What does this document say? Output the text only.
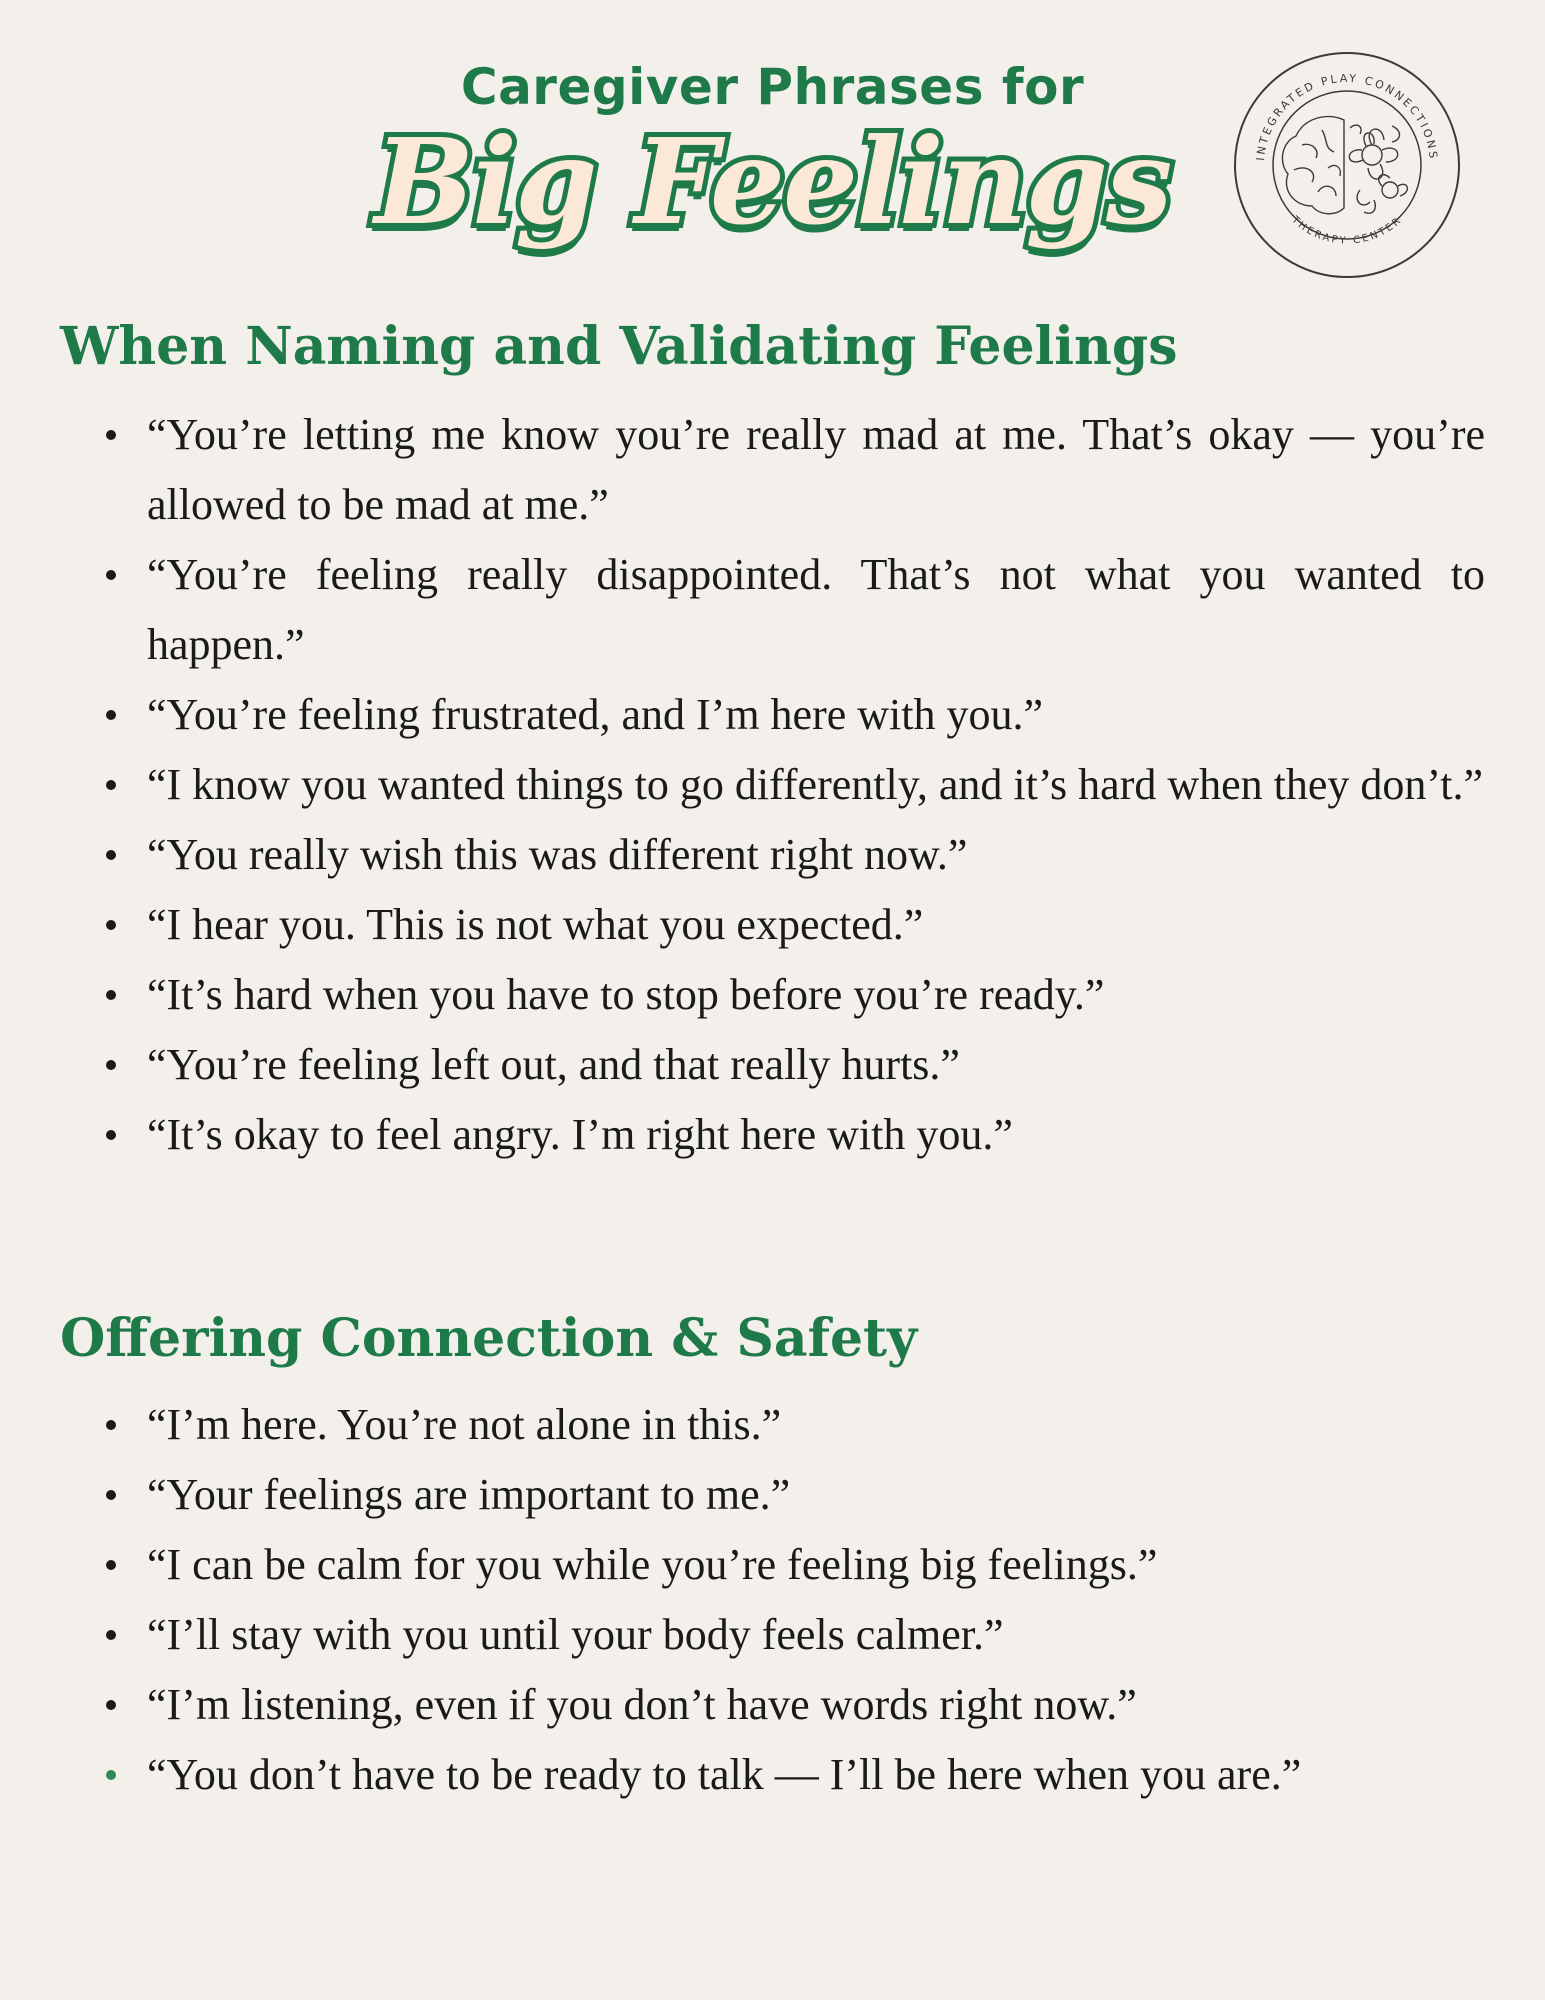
Caregiver Phrases for
Big Feelings	INTEGRATED PLAY CONNECTIONS
THERAPY CENTER
When Naming and Validating Feelings
“You’re letting me know you’re really mad at me. That’s okay — you’re allowed to be mad at me.”
“You’re feeling really disappointed. That’s not what you wanted to happen.”
“You’re feeling frustrated, and I’m here with you.”
“I know you wanted things to go differently, and it’s hard when they don’t.”
“You really wish this was different right now.”
“I hear you. This is not what you expected.”
“It’s hard when you have to stop before you’re ready.”
“You’re feeling left out, and that really hurts.”
“It’s okay to feel angry. I’m right here with you.”
Offering Connection & Safety
“I’m here. You’re not alone in this.”
“Your feelings are important to me.”
“I can be calm for you while you’re feeling big feelings.”
“I’ll stay with you until your body feels calmer.”
“I’m listening, even if you don’t have words right now.”
“You don’t have to be ready to talk — I’ll be here when you are.”
